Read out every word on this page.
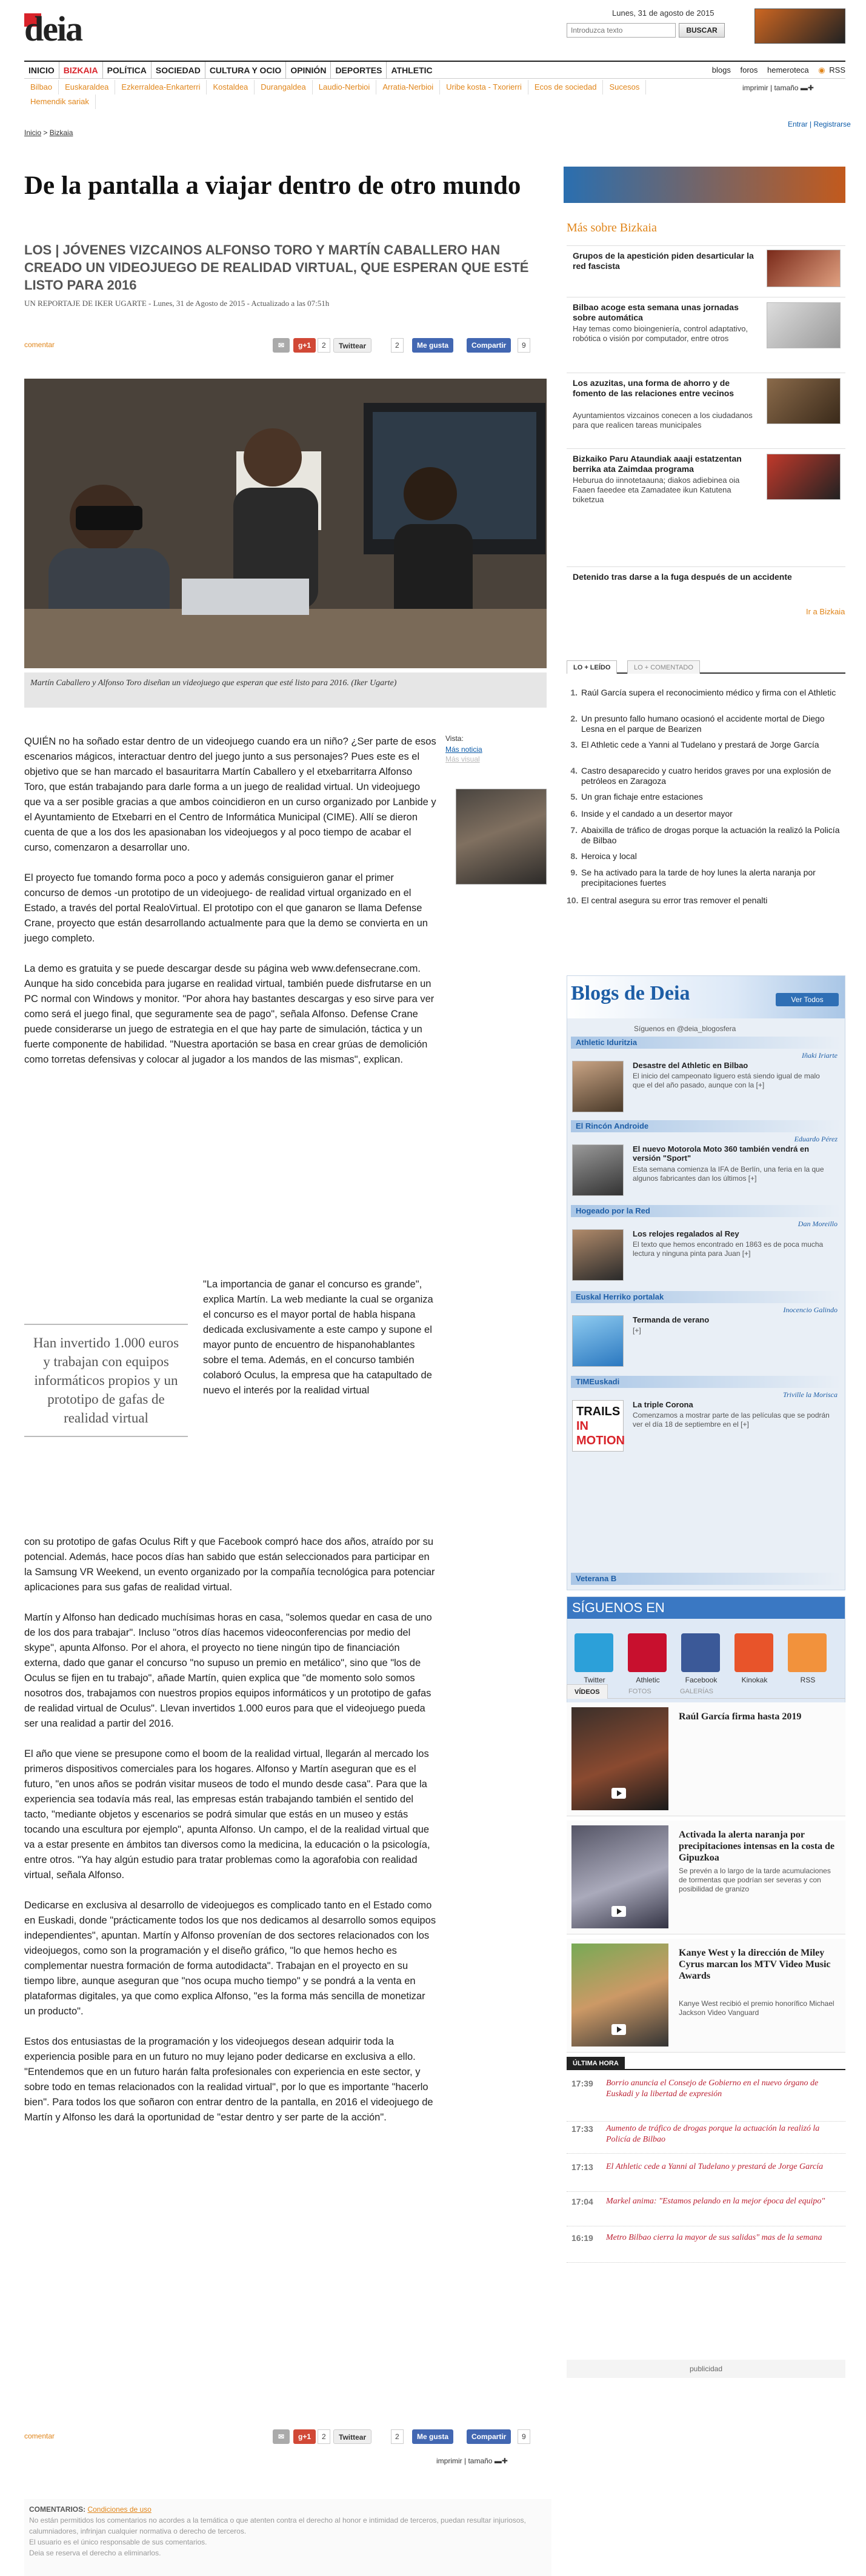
deia	Lunes, 31 de agosto de 2015
Introduzca texto
BUSCAR
INICIO BIZKAIA POLÍTICA SOCIEDAD CULTURA Y OCIO OPINIÓN DEPORTES ATHLETIC	blogs foros hemeroteca ◉ RSS
Bilbao Euskaraldea Ezkerraldea-Enkarterri Kostaldea Durangaldea Laudio-Nerbioi Arratia-Nerbioi Uribe kosta - Txorierri Ecos de sociedad SucesosHemendik sariak
imprimir | tamaño ▬✚
Inicio > Bizkaia
Entrar | Registrarse
De la pantalla a viajar dentro de otro mundo
LOS | JÓVENES VIZCAINOS ALFONSO TORO Y MARTÍN CABALLERO HAN CREADO UN VIDEOJUEGO DE REALIDAD VIRTUAL, QUE ESPERAN QUE ESTÉ LISTO PARA 2016
UN REPORTAJE DE IKER UGARTE - Lunes, 31 de Agosto de 2015 - Actualizado a las 07:51h
comentar	✉	g+1	2	Twittear	2	Me gusta	Compartir	9
Martín Caballero y Alfonso Toro diseñan un videojuego que esperan que esté listo para 2016. (Iker Ugarte)
Vista:
Más noticia
Más visual

QUIÉN no ha soñado estar dentro de un videojuego cuando era un niño? ¿Ser parte de esos escenarios mágicos, interactuar dentro del juego junto a sus personajes? Pues este es el objetivo que se han marcado el basauritarra Martín Caballero y el etxebarritarra Alfonso Toro, que están trabajando para darle forma a un juego de realidad virtual. Un videojuego que va a ser posible gracias a que ambos coincidieron en un curso organizado por Lanbide y el Ayuntamiento de Etxebarri en el Centro de Informática Municipal (CIME). Allí se dieron cuenta de que a los dos les apasionaban los videojuegos y al poco tiempo de acabar el curso, comenzaron a desarrollar uno.

El proyecto fue tomando forma poco a poco y además consiguieron ganar el primer concurso de demos -un prototipo de un videojuego- de realidad virtual organizado en el Estado, a través del portal RealoVirtual. El prototipo con el que ganaron se llama Defense Crane, proyecto que están desarrollando actualmente para que la demo se convierta en un juego completo.

La demo es gratuita y se puede descargar desde su página web www.defensecrane.com. Aunque ha sido concebida para jugarse en realidad virtual, también puede disfrutarse en un PC normal con Windows y monitor. "Por ahora hay bastantes descargas y eso sirve para ver como será el juego final, que seguramente sea de pago", señala Alfonso. Defense Crane puede considerarse un juego de estrategia en el que hay parte de simulación, táctica y un fuerte componente de habilidad. "Nuestra aportación se basa en crear grúas de demolición como torretas defensivas y colocar al jugador a los mandos de las mismas", explican.

Han invertido 1.000 euros y trabajan con equipos informáticos propios y un prototipo de gafas de realidad virtual

"La importancia de ganar el concurso es grande", explica Martín. La web mediante la cual se organiza el concurso es el mayor portal de habla hispana dedicada exclusivamente a este campo y supone el mayor punto de encuentro de hispanohablantes sobre el tema. Además, en el concurso también colaboró Oculus, la empresa que ha catapultado de nuevo el interés por la realidad virtual

con su prototipo de gafas Oculus Rift y que Facebook compró hace dos años, atraído por su potencial. Además, hace pocos días han sabido que están seleccionados para participar en la Samsung VR Weekend, un evento organizado por la compañía tecnológica para potenciar aplicaciones para sus gafas de realidad virtual.

Martín y Alfonso han dedicado muchísimas horas en casa, "solemos quedar en casa de uno de los dos para trabajar". Incluso "otros días hacemos videoconferencias por medio del skype", apunta Alfonso. Por el ahora, el proyecto no tiene ningún tipo de financiación externa, dado que ganar el concurso "no supuso un premio en metálico", sino que "los de Oculus se fijen en tu trabajo", añade Martín, quien explica que "de momento solo somos nosotros dos, trabajamos con nuestros propios equipos informáticos y un prototipo de gafas de realidad virtual de Oculus". Llevan invertidos 1.000 euros para que el videojuego pueda ser una realidad a partir del 2016.

El año que viene se presupone como el boom de la realidad virtual, llegarán al mercado los primeros dispositivos comerciales para los hogares. Alfonso y Martín aseguran que es el futuro, "en unos años se podrán visitar museos de todo el mundo desde casa". Para que la experiencia sea todavía más real, las empresas están trabajando también el sentido del tacto, "mediante objetos y escenarios se podrá simular que estás en un museo y estás tocando una escultura por ejemplo", apunta Alfonso. Un campo, el de la realidad virtual que va a estar presente en ámbitos tan diversos como la medicina, la educación o la psicología, entre otros. "Ya hay algún estudio para tratar problemas como la agorafobia con realidad virtual, señala Alfonso.

Dedicarse en exclusiva al desarrollo de videojuegos es complicado tanto en el Estado como en Euskadi, donde "prácticamente todos los que nos dedicamos al desarrollo somos equipos independientes", apuntan. Martín y Alfonso provenían de dos sectores relacionados con los videojuegos, como son la programación y el diseño gráfico, "lo que hemos hecho es complementar nuestra formación de forma autodidacta". Trabajan en el proyecto en su tiempo libre, aunque aseguran que "nos ocupa mucho tiempo" y se pondrá a la venta en plataformas digitales, ya que como explica Alfonso, "es la forma más sencilla de monetizar un producto".

Estos dos entusiastas de la programación y los videojuegos desean adquirir toda la experiencia posible para en un futuro no muy lejano poder dedicarse en exclusiva a ello. "Entendemos que en un futuro harán falta profesionales con experiencia en este sector, y sobre todo en temas relacionados con la realidad virtual", por lo que es importante "hacerlo bien". Para todos los que soñaron con entrar dentro de la pantalla, en 2016 el videojuego de Martín y Alfonso les dará la oportunidad de "estar dentro y ser parte de la acción".

comentar	✉	g+1	2	Twittear	2	Me gusta	Compartir	9
imprimir | tamaño ▬✚
COMENTARIOS: Condiciones de uso
No están permitidos los comentarios no acordes a la temática o que atenten contra el derecho al honor e intimidad de terceros, puedan resultar injuriosos, calumniadores, infrinjan cualquier normativa o derecho de terceros.
El usuario es el único responsable de sus comentarios.
Deia se reserva el derecho a eliminarlos.
Más sobre Bizkaia
Grupos de la apestición piden desarticular la red fascista
Bilbao acoge esta semana unas jornadas sobre automática
Hay temas como bioingeniería, control adaptativo, robótica o visión por computador, entre otros
Los azuzitas, una forma de ahorro y de fomento de las relaciones entre vecinos
Ayuntamientos vizcainos conecen a los ciudadanos para que realicen tareas municipales
Bizkaiko Paru Ataundiak aaaji estatzentan berrika ata Zaimdaa programa
Heburua do iinnotetaauna; diakos adiebinea oia Faaen faeedee eta Zamadatee ikun Katutena txiketzua
Detenido tras darse a la fuga después de un accidente
Ir a Bizkaia
LO + LEÍDO	LO + COMENTADO
1. Raúl García supera el reconocimiento médico y firma con el Athletic
2. Un presunto fallo humano ocasionó el accidente mortal de Diego Lesna en el parque de Bearizen
3. El Athletic cede a Yanni al Tudelano y prestará de Jorge García
4. Castro desaparecido y cuatro heridos graves por una explosión de petróleos en Zaragoza
5. Un gran fichaje entre estaciones
6. Inside y el candado a un desertor mayor
7. Abaixilla de tráfico de drogas porque la actuación la realizó la Policía de Bilbao
8. Heroica y local
9. Se ha activado para la tarde de hoy lunes la alerta naranja por precipitaciones fuertes
10. El central asegura su error tras remover el penalti
Blogs de Deia	Ver Todos
Síguenos en @deia_blogosfera
Athletic Iduritzia
Iñaki Iriarte
Desastre del Athletic en Bilbao
El inicio del campeonato liguero está siendo igual de malo que el del año pasado, aunque con la [+]
El Rincón Androide
Eduardo Pérez
El nuevo Motorola Moto 360 también vendrá en versión "Sport"
Esta semana comienza la IFA de Berlín, una feria en la que algunos fabricantes dan los últimos [+]
Hogeado por la Red
Dan Moreillo
Los relojes regalados al Rey
El texto que hemos encontrado en 1863 es de poca mucha lectura y ninguna pinta para Juan [+]
Euskal Herriko portalak
Inocencio Galindo
Termanda de verano
[+]
TIMEuskadi
Triville la Morisca
TRAILS
IN MOTION
La triple Corona
Comenzamos a mostrar parte de las películas que se podrán ver el día 18 de septiembre en el [+]
Veterana B
SÍGUENOS EN
Twitter	Athletic	Facebook	Kinokak	RSS
VÍDEOS	FOTOS	GALERÍAS
Raúl García firma hasta 2019
Activada la alerta naranja por precipitaciones intensas en la costa de Gipuzkoa
Se prevén a lo largo de la tarde acumulaciones de tormentas que podrían ser severas y con posibilidad de granizo
Kanye West y la dirección de Miley Cyrus marcan los MTV Video Music Awards
Kanye West recibió el premio honorífico Michael Jackson Video Vanguard
ÚLTIMA HORA
17:39	Borrio anuncia el Consejo de Gobierno en el nuevo órgano de Euskadi y la libertad de expresión
17:33	Aumento de tráfico de drogas porque la actuación la realizó la Policía de Bilbao
17:13	El Athletic cede a Yanni al Tudelano y prestará de Jorge García
17:04	Markel anima: "Estamos pelando en la mejor época del equipo"
16:19	Metro Bilbao cierra la mayor de sus salidas" mas de la semana
publicidad
